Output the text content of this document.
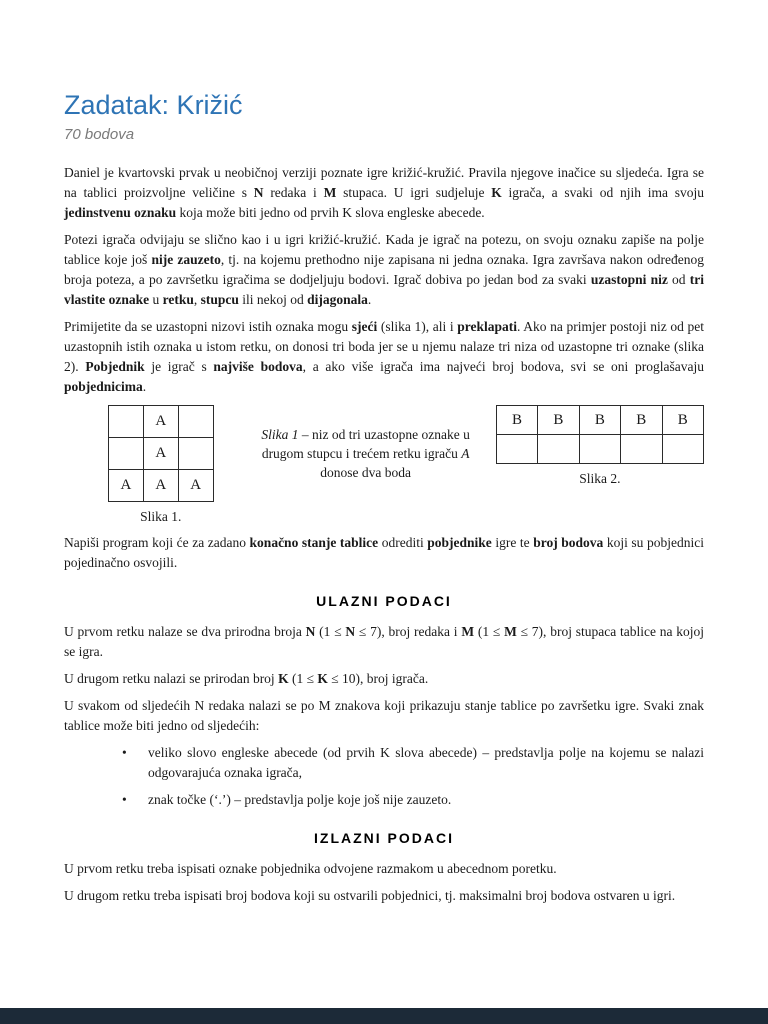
Zadatak: Križić
70 bodova

Daniel je kvartovski prvak u neobičnoj verziji poznate igre križić-kružić. Pravila njegove inačice su sljedeća. Igra se na tablici proizvoljne veličine s N redaka i M stupaca. U igri sudjeluje K igrača, a svaki od njih ima svoju jedinstvenu oznaku koja može biti jedno od prvih K slova engleske abecede.

Potezi igrača odvijaju se slično kao i u igri križić-kružić. Kada je igrač na potezu, on svoju oznaku zapiše na polje tablice koje još nije zauzeto, tj. na kojemu prethodno nije zapisana ni jedna oznaka. Igra završava nakon određenog broja poteza, a po završetku igračima se dodjeljuju bodovi. Igrač dobiva po jedan bod za svaki uzastopni niz od tri vlastite oznake u retku, stupcu ili nekoj od dijagonala.

Primijetite da se uzastopni nizovi istih oznaka mogu sjeći (slika 1), ali i preklapati. Ako na primjer postoji niz od pet uzastopnih istih oznaka u istom retku, on donosi tri boda jer se u njemu nalaze tri niza od uzastopne tri oznake (slika 2). Pobjednik je igrač s najviše bodova, a ako više igrača ima najveći broj bodova, svi se oni proglašavaju pobjednicima.

	A	
	A	
A	A	A
Slika 1.
Slika 1 – niz od tri uzastopne oznake u drugom stupcu i trećem retku igraču A donose dva boda
B	B	B	B	B

Slika 2.

Napiši program koji će za zadano konačno stanje tablice odrediti pobjednike igre te broj bodova koji su pobjednici pojedinačno osvojili.

ULAZNI PODACI

U prvom retku nalaze se dva prirodna broja N (1 ≤ N ≤ 7), broj redaka i M (1 ≤ M ≤ 7), broj stupaca tablice na kojoj se igra.

U drugom retku nalazi se prirodan broj K (1 ≤ K ≤ 10), broj igrača.

U svakom od sljedećih N redaka nalazi se po M znakova koji prikazuju stanje tablice po završetku igre. Svaki znak tablice može biti jedno od sljedećih:

• veliko slovo engleske abecede (od prvih K slova abecede) – predstavlja polje na kojemu se nalazi odgovarajuća oznaka igrača,
• znak točke (‘.’) – predstavlja polje koje još nije zauzeto.
IZLAZNI PODACI

U prvom retku treba ispisati oznake pobjednika odvojene razmakom u abecednom poretku.

U drugom retku treba ispisati broj bodova koji su ostvarili pobjednici, tj. maksimalni broj bodova ostvaren u igri.
